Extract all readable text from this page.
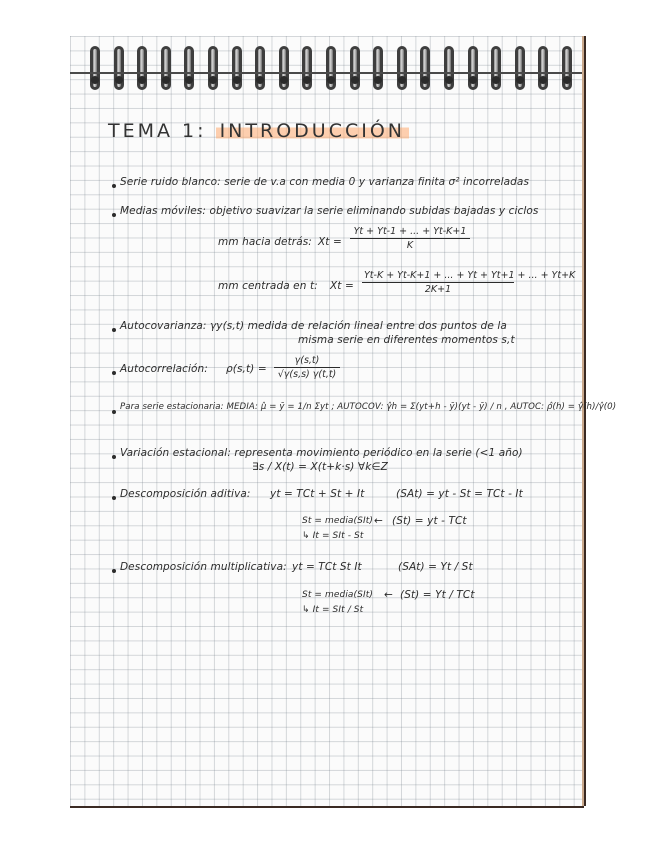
TEMA 1: INTRODUCCIÓN
Serie ruido blanco: serie de v.a con media 0 y varianza finita σ² incorreladas
Medias móviles: objetivo suavizar la serie eliminando subidas bajadas y ciclos
mm hacia detrás: $Xt = \frac{Yt + Yt-1 + ... + Yt-K+1}{K}$
mm centrada en t: $Xt = \frac{Yt-K + Yt-K+1 + ... + Yt + Yt+1 + ... + Yt+K}{2K+1}$
Autocovarianza: γy(s,t) medida de relación lineal entre dos puntos de la
misma serie en diferentes momentos s,t
Autocorrelación: $\rho(s,t) = \frac{\gamma(s,t)}{√\gamma(s,s) \gamma(t,t)}$
Para serie estacionaria: MEDIA: μ̂ = ȳ = 1/n Σyt ; AUTOCOV: γ̂h = Σ(yt+h - ȳ)(yt - ȳ) / n , AUTOC: ρ̂(h) = γ̂(h)/γ̂(0)
Variación estacional: representa movimiento periódico en la serie (<1 año)
∃s / X(t) = X(t+k·s) ∀k∈Z
Descomposición aditiva: yt = TCt + St + It	(SAt) = yt - St = TCt - It
St = media(SIt) ← (St) = yt - TCt
↳ It = SIt - St
Descomposición multiplicativa: yt = TCt St It	(SAt) = Yt / St
St = media(SIt) ← (St) = Yt / TCt
↳ It = SIt / St
